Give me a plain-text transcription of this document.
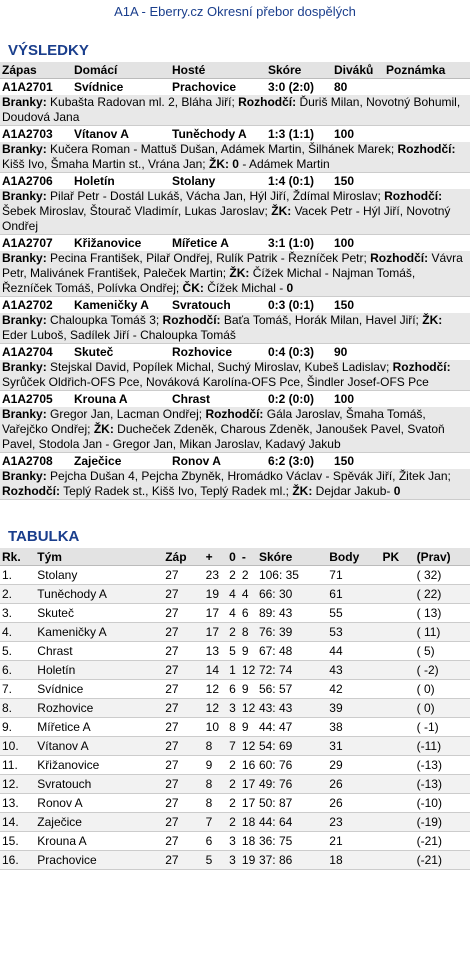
A1A - Eberry.cz Okresní přebor dospělých
VÝSLEDKY
Zápas	Domácí	Hosté	Skóre	Diváků	Poznámka
A1A2701	Svídnice	Prachovice	3:0 (2:0)	80
Branky: Kubašta Radovan ml. 2, Bláha Jiří; Rozhodčí: Ďuriš Milan, Novotný Bohumil, Doudová Jana
A1A2703	Vítanov A	Tuněchody A	1:3 (1:1)	100
Branky: Kučera Roman - Mattuš Dušan, Adámek Martin, Šilhánek Marek; Rozhodčí: Kišš Ivo, Šmaha Martin st., Vrána Jan; ŽK: 0 - Adámek Martin
A1A2706	Holetín	Stolany	1:4 (0:1)	150
Branky: Pilař Petr - Dostál Lukáš, Vácha Jan, Hýl Jiří, Ždímal Miroslav; Rozhodčí: Šebek Miroslav, Štourač Vladimír, Lukas Jaroslav; ŽK: Vacek Petr - Hýl Jiří, Novotný Ondřej
A1A2707	Křižanovice	Mířetice A	3:1 (1:0)	100
Branky: Pecina František, Pilař Ondřej, Rulík Patrik - Řezníček Petr; Rozhodčí: Vávra Petr, Malivánek František, Paleček Martin; ŽK: Čížek Michal - Najman Tomáš, Řezníček Tomáš, Polívka Ondřej; ČK: Čížek Michal - 0
A1A2702	Kameničky A	Svratouch	0:3 (0:1)	150
Branky: Chaloupka Tomáš 3; Rozhodčí: Baťa Tomáš, Horák Milan, Havel Jiří; ŽK: Eder Luboš, Sadílek Jiří - Chaloupka Tomáš
A1A2704	Skuteč	Rozhovice	0:4 (0:3)	90
Branky: Stejskal David, Popílek Michal, Suchý Miroslav, Kubeš Ladislav; Rozhodčí: Syrůček Oldřich-OFS Pce, Nováková Karolína-OFS Pce, Šindler Josef-OFS Pce
A1A2705	Krouna A	Chrast	0:2 (0:0)	100
Branky: Gregor Jan, Lacman Ondřej; Rozhodčí: Gála Jaroslav, Šmaha Tomáš, Vařejčko Ondřej; ŽK: Ducheček Zdeněk, Charous Zdeněk, Janoušek Pavel, Svatoň Pavel, Stodola Jan - Gregor Jan, Mikan Jaroslav, Kadavý Jakub
A1A2708	Zaječice	Ronov A	6:2 (3:0)	150
Branky: Pejcha Dušan 4, Pejcha Zbyněk, Hromádko Václav - Spěvák Jiří, Žitek Jan; Rozhodčí: Teplý Radek st., Kišš Ivo, Teplý Radek ml.; ŽK: Dejdar Jakub- 0
TABULKA
Rk.	Tým	Záp	+	0	-	Skóre	Body	PK	(Prav)
1.	Stolany	27	23	2	2	106: 35	71		( 32)
2.	Tuněchody A	27	19	4	4	66: 30	61		( 22)
3.	Skuteč	27	17	4	6	89: 43	55		( 13)
4.	Kameničky A	27	17	2	8	76: 39	53		( 11)
5.	Chrast	27	13	5	9	67: 48	44		( 5)
6.	Holetín	27	14	1	12	72: 74	43		( -2)
7.	Svídnice	27	12	6	9	56: 57	42		( 0)
8.	Rozhovice	27	12	3	12	43: 43	39		( 0)
9.	Mířetice A	27	10	8	9	44: 47	38		( -1)
10.	Vítanov A	27	8	7	12	54: 69	31		(-11)
11.	Křižanovice	27	9	2	16	60: 76	29		(-13)
12.	Svratouch	27	8	2	17	49: 76	26		(-13)
13.	Ronov A	27	8	2	17	50: 87	26		(-10)
14.	Zaječice	27	7	2	18	44: 64	23		(-19)
15.	Krouna A	27	6	3	18	36: 75	21		(-21)
16.	Prachovice	27	5	3	19	37: 86	18		(-21)
